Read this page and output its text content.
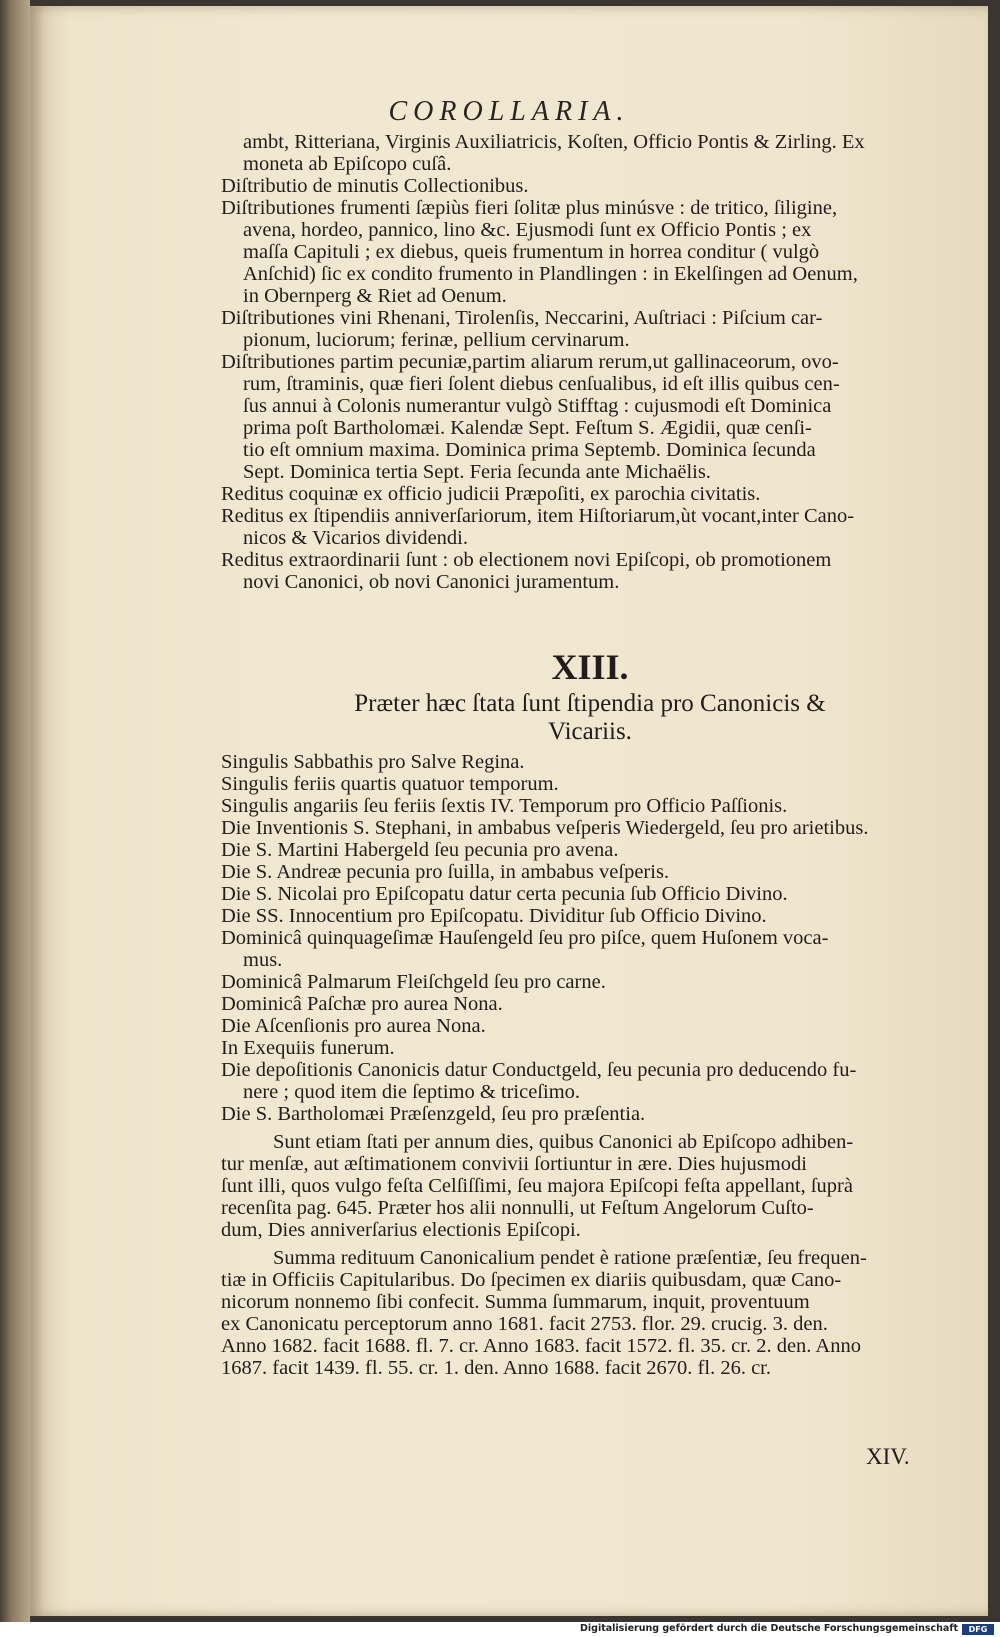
COROLLARIA.
ambt, Ritteriana, Virginis Auxiliatricis, Koſten, Officio Pontis & Zirling. Ex
moneta ab Epiſcopo cuſâ.
Diſtributio de minutis Collectionibus.
Diſtributiones frumenti ſæpiùs fieri ſolitæ plus minúsve : de tritico, ſiligine,
avena, hordeo, pannico, lino &c. Ejusmodi ſunt ex Officio Pontis ; ex
maſſa Capituli ; ex diebus, queis frumentum in horrea conditur ( vulgò
Anſchid) ſic ex condito frumento in Plandlingen : in Ekelſingen ad Oenum,
in Obernperg & Riet ad Oenum.
Diſtributiones vini Rhenani, Tirolenſis, Neccarini, Auſtriaci : Piſcium car-
pionum, luciorum; ferinæ, pellium cervinarum.
Diſtributiones partim pecuniæ,partim aliarum rerum,ut gallinaceorum, ovo-
rum, ſtraminis, quæ fieri ſolent diebus cenſualibus, id eſt illis quibus cen-
ſus annui à Colonis numerantur vulgò Stifftag : cujusmodi eſt Dominica
prima poſt Bartholomæi. Kalendæ Sept. Feſtum S. Ægidii, quæ cenſi-
tio eſt omnium maxima. Dominica prima Septemb. Dominica ſecunda
Sept. Dominica tertia Sept. Feria ſecunda ante Michaëlis.
Reditus coquinæ ex officio judicii Præpoſiti, ex parochia civitatis.
Reditus ex ſtipendiis anniverſariorum, item Hiſtoriarum,ùt vocant,inter Cano-
nicos & Vicarios dividendi.
Reditus extraordinarii ſunt : ob electionem novi Epiſcopi, ob promotionem
novi Canonici, ob novi Canonici juramentum.
XIII.
Præter hæc ſtata ſunt ſtipendia pro Canonicis &
Vicariis.
Singulis Sabbathis pro Salve Regina.
Singulis feriis quartis quatuor temporum.
Singulis angariis ſeu feriis ſextis IV. Temporum pro Officio Paſſionis.
Die Inventionis S. Stephani, in ambabus veſperis Wiedergeld, ſeu pro arietibus.
Die S. Martini Habergeld ſeu pecunia pro avena.
Die S. Andreæ pecunia pro ſuilla, in ambabus veſperis.
Die S. Nicolai pro Epiſcopatu datur certa pecunia ſub Officio Divino.
Die SS. Innocentium pro Epiſcopatu. Dividitur ſub Officio Divino.
Dominicâ quinquageſimæ Hauſengeld ſeu pro piſce, quem Huſonem voca-
mus.
Dominicâ Palmarum Fleiſchgeld ſeu pro carne.
Dominicâ Paſchæ pro aurea Nona.
Die Aſcenſionis pro aurea Nona.
In Exequiis funerum.
Die depoſitionis Canonicis datur Conductgeld, ſeu pecunia pro deducendo fu-
nere ; quod item die ſeptimo & triceſimo.
Die S. Bartholomæi Præſenzgeld, ſeu pro præſentia.
Sunt etiam ſtati per annum dies, quibus Canonici ab Epiſcopo adhiben-
tur menſæ, aut æſtimationem convivii ſortiuntur in ære. Dies hujusmodi
ſunt illi, quos vulgo feſta Celſiſſimi, ſeu majora Epiſcopi feſta appellant, ſuprà
recenſita pag. 645. Præter hos alii nonnulli, ut Feſtum Angelorum Cuſto-
dum, Dies anniverſarius electionis Epiſcopi.
Summa redituum Canonicalium pendet è ratione præſentiæ, ſeu frequen-
tiæ in Officiis Capitularibus. Do ſpecimen ex diariis quibusdam, quæ Cano-
nicorum nonnemo ſibi confecit. Summa ſummarum, inquit, proventuum
ex Canonicatu perceptorum anno 1681. facit 2753. flor. 29. crucig. 3. den.
Anno 1682. facit 1688. fl. 7. cr. Anno 1683. facit 1572. fl. 35. cr. 2. den. Anno
1687. facit 1439. fl. 55. cr. 1. den. Anno 1688. facit 2670. fl. 26. cr.
XIV.
Digitalisierung gefördert durch die Deutsche Forschungsgemeinschaft	DFG
